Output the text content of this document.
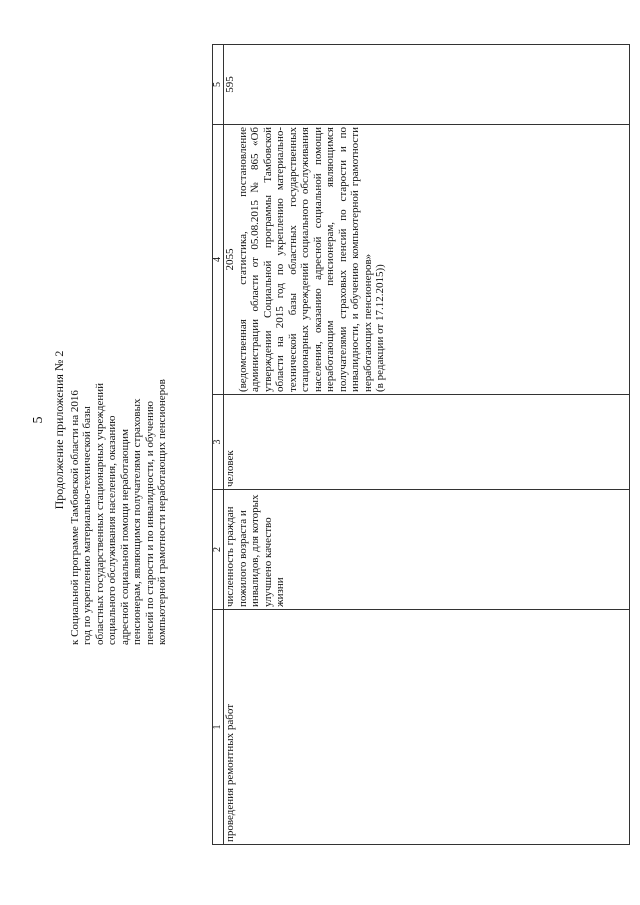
5 Продолжение приложения № 2 к Социальной программе Тамбовской области на 2016 год по укреплению материально-технической базы областных государственных стационарных учреждений социального обслуживания населения, оказанию адресной социальной помощи неработающим пенсионерам, являющимся получателями страховых пенсий по старости и по инвалидности, и обучению компьютерной грамотности неработающих пенсионеров
1	2	3	4	5
проведения ремонтных работ	численность граждан пожилого возраста и инвалидов, для которых улучшено качество жизни	человек	2055 (ведомственная статистика, постановление администрации области от 05.08.2015 № 865 «Об утверждении Социальной программы Тамбовской области на 2015 год по укреплению материально-технической базы областных государственных стационарных учреждений социального обслуживания населения, оказанию адресной социальной помощи неработающим пенсионерам, являющимся получателями страховых пенсий по старости и по инвалидности, и обучению компьютерной грамотности неработающих пенсионеров» (в редакции от 17.12.2015))	595
